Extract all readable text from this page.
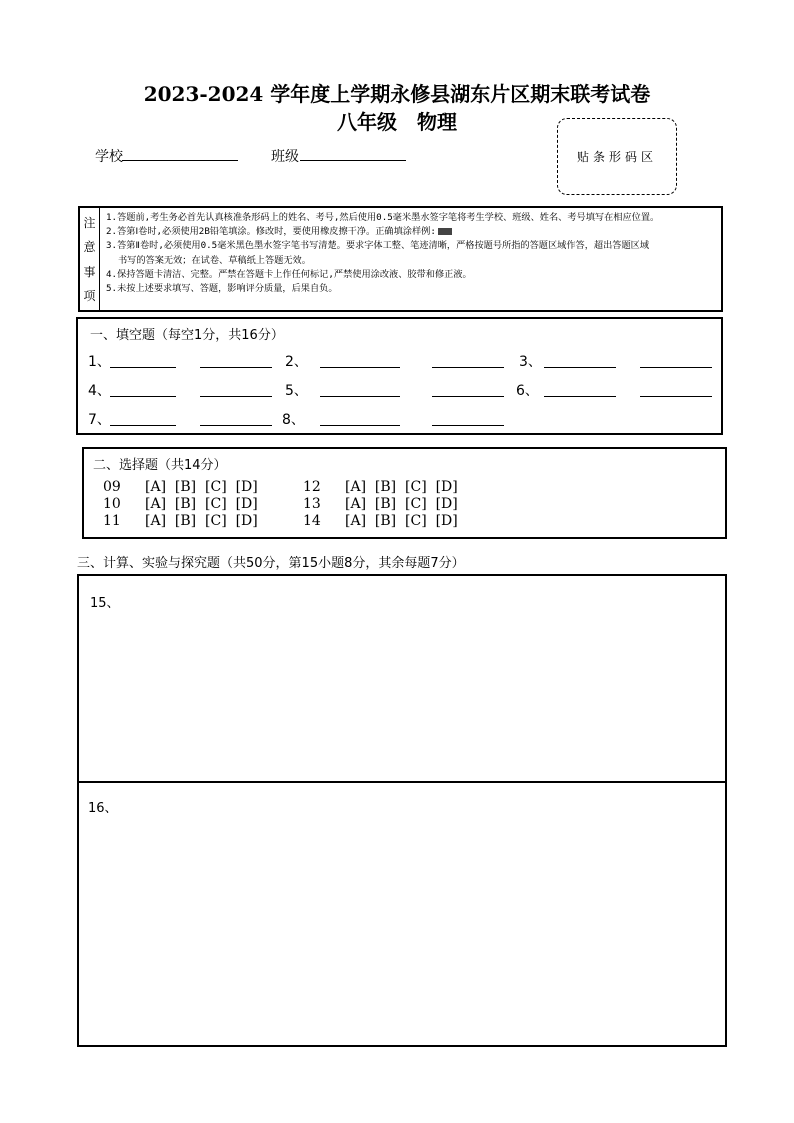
2023-2024 学年度上学期永修县湖东片区期末联考试卷
八年级　物理
学校	班级	贴条形码区
注
意
事
项
1.答题前,考生务必首先认真核准条形码上的姓名、考号,然后使用0.5毫米墨水签字笔将考生学校、班级、姓名、考号填写在相应位置。
2.答第Ⅰ卷时,必须使用2B铅笔填涂。修改时，要使用橡皮擦干净。正确填涂样例:
3.答第Ⅱ卷时,必须使用0.5毫米黑色墨水签字笔书写清楚。要求字体工整、笔迹清晰，严格按题号所指的答题区域作答，超出答题区域
书写的答案无效；在试卷、草稿纸上答题无效。
4.保持答题卡清洁、完整。严禁在答题卡上作任何标记,严禁使用涂改液、胶带和修正液。
5.未按上述要求填写、答题，影响评分质量，后果自负。
一、填空题（每空1分，共16分）
1、	2、	3、
4、	5、	6、
7、	8、
二、选择题（共14分）
09 [A]  [B]  [C]  [D]	12 [A]  [B]  [C]  [D]
10 [A]  [B]  [C]  [D]	13 [A]  [B]  [C]  [D]
11 [A]  [B]  [C]  [D]	14 [A]  [B]  [C]  [D]
三、计算、实验与探究题（共50分，第15小题8分，其余每题7分）
15、
16、
